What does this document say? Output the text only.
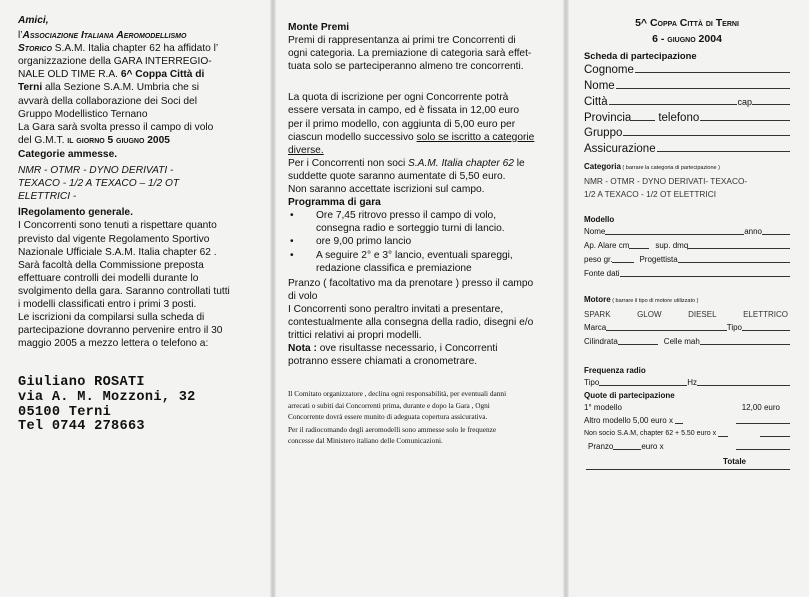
Amici,

l’Associazione Italiana Aeromodellismo

Storico S.A.M. Italia chapter 62 ha affidato l’

organizzazione della GARA INTERREGIO-

NALE OLD TIME R.A. 6^ Coppa Città di

Terni alla Sezione S.A.M. Umbria che si

avvarà della collaborazione dei Soci del

Gruppo Modellistico Ternano

La Gara sarà svolta presso il campo di volo

del G.M.T. il giorno 5 giugno 2005

Categorie ammesse.

NMR - OTMR - DYNO DERIVATI -

TEXACO - 1/2 A TEXACO – 1/2 OT

ELETTRICI -

lRegolamento generale.

I Concorrenti sono tenuti a rispettare quanto

previsto dal vigente Regolamento Sportivo

Nazionale Ufficiale S.A.M. Italia chapter 62 .

Sarà facoltà della Commissione preposta

effettuare controlli dei modelli durante lo

svolgimento della gara. Saranno controllati tutti

i modelli classificati entro i primi 3 posti.

Le iscrizioni da compilarsi sulla scheda di

partecipazione dovranno pervenire entro il 30

maggio 2005 a mezzo lettera o telefono a:

Giuliano ROSATI

via A. M. Mozzoni, 32

05100 Terni

Tel 0744 278663

Monte Premi

Premi di rappresentanza ai primi tre Concorrenti di

ogni categoria. La premiazione di categoria sarà effet-

tuata solo se parteciperanno almeno tre concorrenti.

La quota di iscrizione per ogni Concorrente potrà

essere versata in campo, ed è fissata in 12,00 euro

per il primo modello, con aggiunta di 5,00 euro per

ciascun modello successivo solo se iscritto a categorie

diverse.

Per i Concorrenti non soci S.A.M. Italia chapter 62 le

suddette quote saranno aumentate di 5,50 euro.

Non saranno accettate iscrizioni sul campo.

Programma di gara

•	Ore 7,45 ritrovo presso il campo di volo,
consegna radio e sorteggio turni di lancio.
•	ore 9,00 primo lancio
•	A seguire 2° e 3° lancio, eventuali spareggi,
redazione classifica e premiazione

Pranzo ( facoltativo ma da prenotare ) presso il campo

di volo

I Concorrenti sono peraltro invitati a presentare,

contestualmente alla consegna della radio, disegni e/o

trittici relativi ai propri modelli.

Nota : ove risultasse necessario, i Concorrenti

potranno essere chiamati a cronometrare.

Il Comitato organizzatore , declina ogni responsabilità, per eventuali danni

arrecati o subiti dai Concorrenti prima, durante e dopo la Gara , Ogni

Concorrente dovrà essere munito di adeguata copertura assicurativa.

Per il radiocomando degli aeromodelli sono ammesse solo le frequenze

concesse dal Ministero italiano delle Comunicazioni.

5^ Coppa Città di Terni

6 - giugno 2004

Scheda di partecipazione

Cognome
Nome
Città	cap
Provincia telefono
Gruppo
Assicurazione

Categoria ( barrare la categoria di partecipazione )

NMR - OTMR - DYNO DERIVATI- TEXACO-

1/2 A TEXACO - 1/2 OT ELETTRICI

Modello

Nome	anno
Ap. Alare cm	sup. dmq
peso gr.	Progettista
Fonte dati

Motore ( barrare il tipo di motore utilizzato )

SPARK	GLOW	DIESEL	ELETTRICO
Marca	Tipo
Cilindrata	Celle mah

Frequenza radio

Tipo	Hz

Quote di partecipazione

1° modello	12,00 euro
Altro modello 5,00 euro x
Non socio S.A.M, chapter 62 + 5.50 euro x
Pranzo	euro x
Totale
